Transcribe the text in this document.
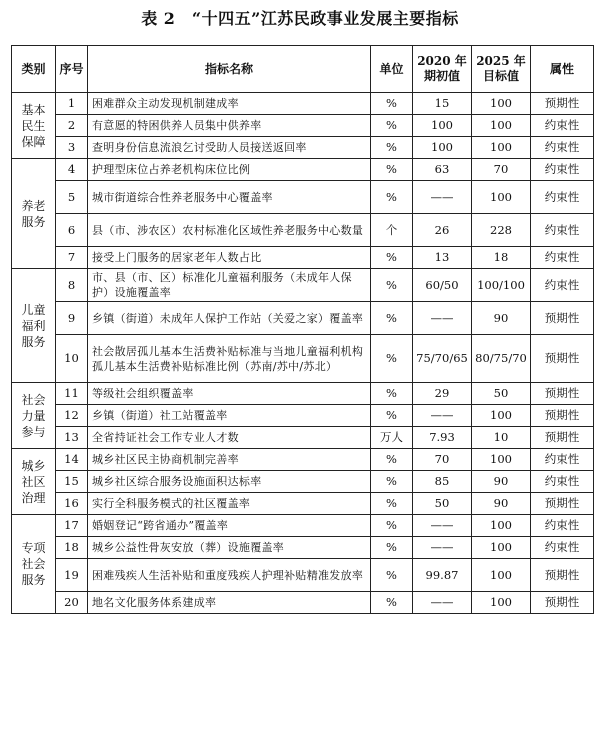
表 2　“十四五”江苏民政事业发展主要指标
类别	序号	指标名称	单位	2020 年期初值	2025 年目标值	属性
基本民生保障	1	困难群众主动发现机制建成率	%	15	100	预期性
	2	有意愿的特困供养人员集中供养率	%	100	100	约束性
	3	查明身份信息流浪乞讨受助人员接送返回率	%	100	100	约束性
养老服务	4	护理型床位占养老机构床位比例	%	63	70	约束性
	5	城市街道综合性养老服务中心覆盖率	%	——	100	约束性
	6	县（市、涉农区）农村标准化区域性养老服务中心数量	个	26	228	约束性
	7	接受上门服务的居家老年人数占比	%	13	18	约束性
儿童福利服务	8	市、县（市、区）标准化儿童福利服务（未成年人保护）设施覆盖率	%	60/50	100/100	约束性
	9	乡镇（街道）未成年人保护工作站（关爱之家）覆盖率	%	——	90	预期性
	10	社会散居孤儿基本生活费补贴标准与当地儿童福利机构孤儿基本生活费补贴标准比例（苏南/苏中/苏北）	%	75/70/65	80/75/70	预期性
社会力量参与	11	等级社会组织覆盖率	%	29	50	预期性
	12	乡镇（街道）社工站覆盖率	%	——	100	预期性
	13	全省持证社会工作专业人才数	万人	7.93	10	预期性
城乡社区治理	14	城乡社区民主协商机制完善率	%	70	100	约束性
	15	城乡社区综合服务设施面积达标率	%	85	90	约束性
	16	实行全科服务模式的社区覆盖率	%	50	90	预期性
专项社会服务	17	婚姻登记“跨省通办”覆盖率	%	——	100	约束性
	18	城乡公益性骨灰安放（葬）设施覆盖率	%	——	100	约束性
	19	困难残疾人生活补贴和重度残疾人护理补贴精准发放率	%	99.87	100	预期性
	20	地名文化服务体系建成率	%	——	100	预期性
